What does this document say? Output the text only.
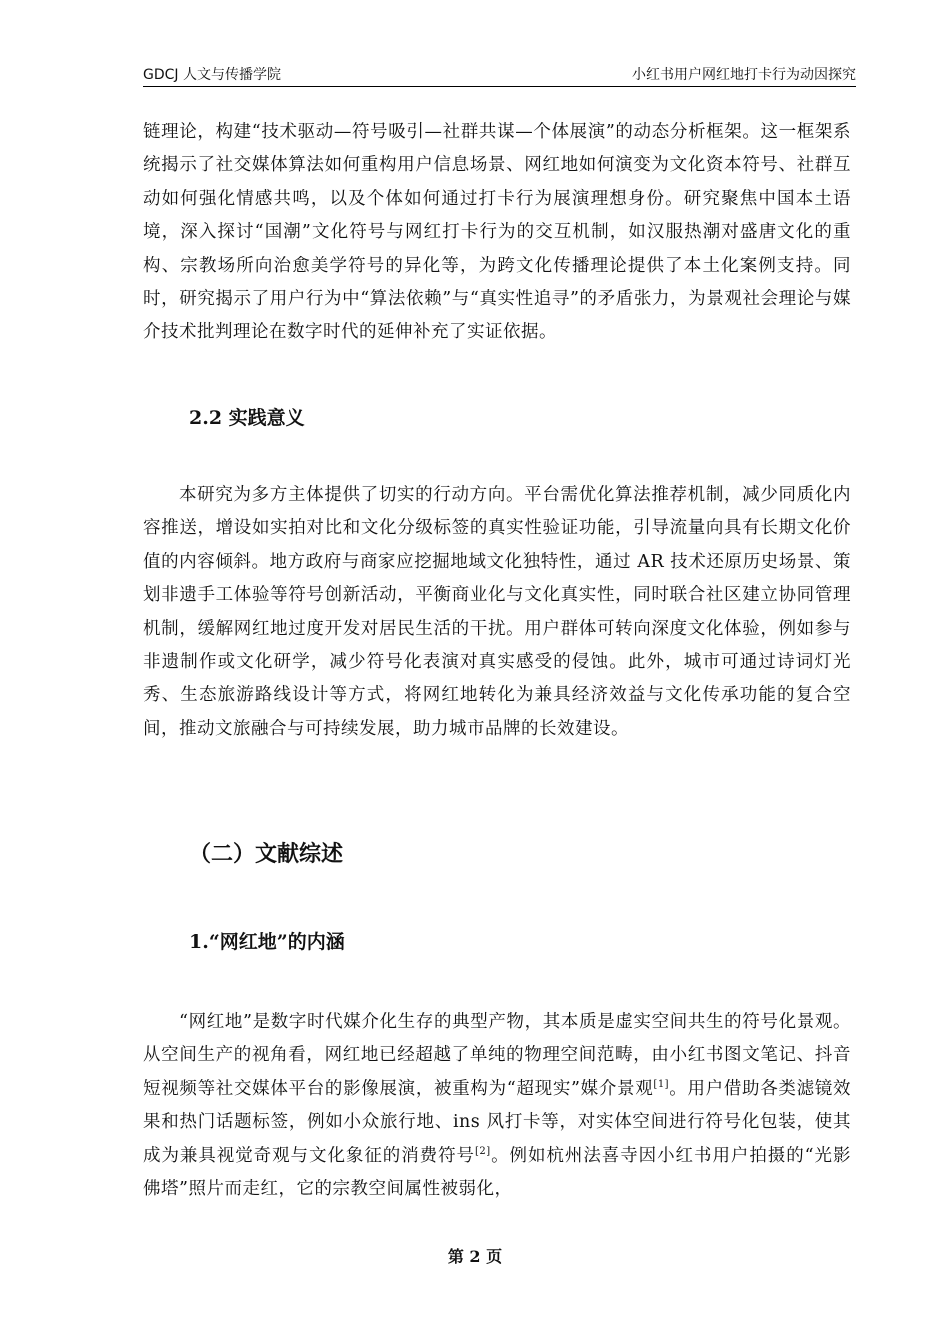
GDCJ 人文与传播学院	小红书用户网红地打卡行为动因探究

链理论，构建“技术驱动—符号吸引—社群共谋—个体展演”的动态分析框架。这一框架系统揭示了社交媒体算法如何重构用户信息场景、网红地如何演变为文化资本符号、社群互动如何强化情感共鸣，以及个体如何通过打卡行为展演理想身份。研究聚焦中国本土语境，深入探讨“国潮”文化符号与网红打卡行为的交互机制，如汉服热潮对盛唐文化的重构、宗教场所向治愈美学符号的异化等，为跨文化传播理论提供了本土化案例支持。同时，研究揭示了用户行为中“算法依赖”与“真实性追寻”的矛盾张力，为景观社会理论与媒介技术批判理论在数字时代的延伸补充了实证依据。

2.2 实践意义

本研究为多方主体提供了切实的行动方向。平台需优化算法推荐机制，减少同质化内容推送，增设如实拍对比和文化分级标签的真实性验证功能，引导流量向具有长期文化价值的内容倾斜。地方政府与商家应挖掘地域文化独特性，通过 AR 技术还原历史场景、策划非遗手工体验等符号创新活动，平衡商业化与文化真实性，同时联合社区建立协同管理机制，缓解网红地过度开发对居民生活的干扰。用户群体可转向深度文化体验，例如参与非遗制作或文化研学，减少符号化表演对真实感受的侵蚀。此外，城市可通过诗词灯光秀、生态旅游路线设计等方式，将网红地转化为兼具经济效益与文化传承功能的复合空间，推动文旅融合与可持续发展，助力城市品牌的长效建设。

（二）文献综述
1.“网红地”的内涵

“网红地”是数字时代媒介化生存的典型产物，其本质是虚实空间共生的符号化景观。从空间生产的视角看，网红地已经超越了单纯的物理空间范畴，由小红书图文笔记、抖音短视频等社交媒体平台的影像展演，被重构为“超现实”媒介景观[1]。用户借助各类滤镜效果和热门话题标签，例如小众旅行地、ins 风打卡等，对实体空间进行符号化包装，使其成为兼具视觉奇观与文化象征的消费符号[2]。例如杭州法喜寺因小红书用户拍摄的“光影佛塔”照片而走红，它的宗教空间属性被弱化，

第 2 页
